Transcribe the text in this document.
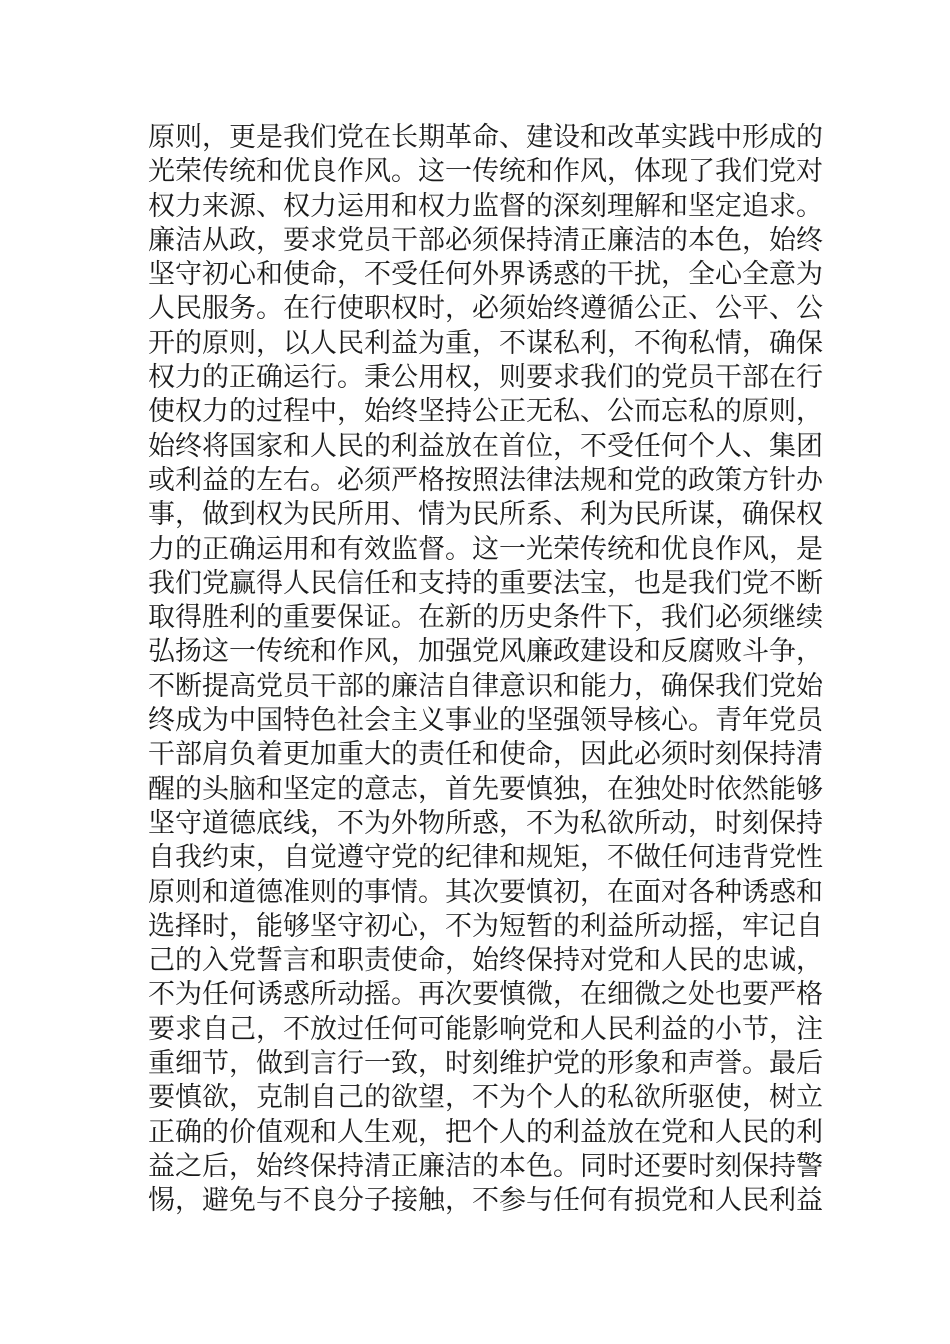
原则，更是我们党在长期革命、建设和改革实践中形成的
光荣传统和优良作风。这一传统和作风，体现了我们党对
权力来源、权力运用和权力监督的深刻理解和坚定追求。
廉洁从政，要求党员干部必须保持清正廉洁的本色，始终
坚守初心和使命，不受任何外界诱惑的干扰，全心全意为
人民服务。在行使职权时，必须始终遵循公正、公平、公
开的原则，以人民利益为重，不谋私利，不徇私情，确保
权力的正确运行。秉公用权，则要求我们的党员干部在行
使权力的过程中，始终坚持公正无私、公而忘私的原则，
始终将国家和人民的利益放在首位，不受任何个人、集团
或利益的左右。必须严格按照法律法规和党的政策方针办
事，做到权为民所用、情为民所系、利为民所谋，确保权
力的正确运用和有效监督。这一光荣传统和优良作风，是
我们党赢得人民信任和支持的重要法宝，也是我们党不断
取得胜利的重要保证。在新的历史条件下，我们必须继续
弘扬这一传统和作风，加强党风廉政建设和反腐败斗争，
不断提高党员干部的廉洁自律意识和能力，确保我们党始
终成为中国特色社会主义事业的坚强领导核心。青年党员
干部肩负着更加重大的责任和使命，因此必须时刻保持清
醒的头脑和坚定的意志，首先要慎独，在独处时依然能够
坚守道德底线，不为外物所惑，不为私欲所动，时刻保持
自我约束，自觉遵守党的纪律和规矩，不做任何违背党性
原则和道德准则的事情。其次要慎初，在面对各种诱惑和
选择时，能够坚守初心，不为短暂的利益所动摇，牢记自
己的入党誓言和职责使命，始终保持对党和人民的忠诚，
不为任何诱惑所动摇。再次要慎微，在细微之处也要严格
要求自己，不放过任何可能影响党和人民利益的小节，注
重细节，做到言行一致，时刻维护党的形象和声誉。最后
要慎欲，克制自己的欲望，不为个人的私欲所驱使，树立
正确的价值观和人生观，把个人的利益放在党和人民的利
益之后，始终保持清正廉洁的本色。同时还要时刻保持警
惕，避免与不良分子接触，不参与任何有损党和人民利益
